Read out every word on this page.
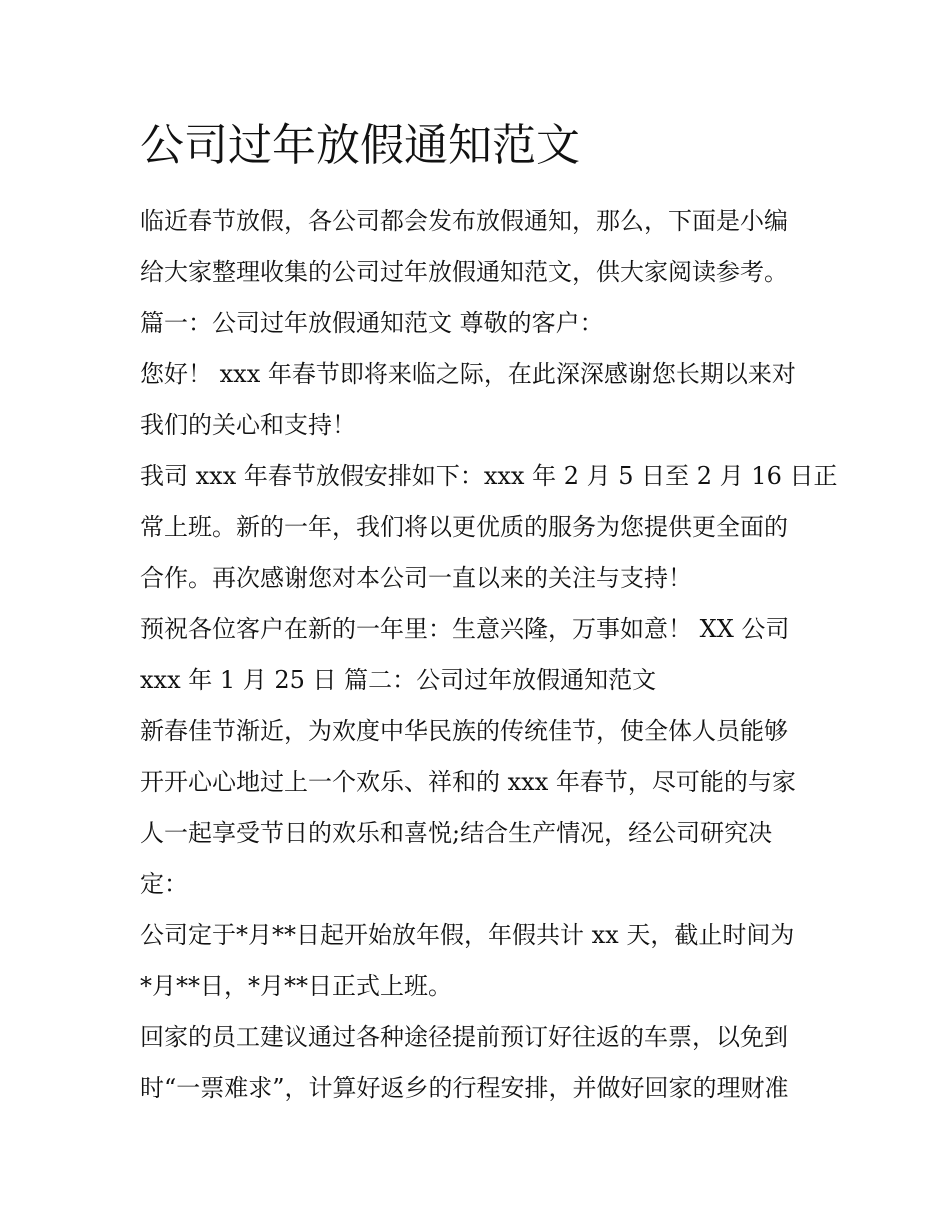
公司过年放假通知范文
临近春节放假，各公司都会发布放假通知，那么，下面是小编
给大家整理收集的公司过年放假通知范文，供大家阅读参考。
篇一：公司过年放假通知范文 尊敬的客户：
您好！ xxx 年春节即将来临之际，在此深深感谢您长期以来对
我们的关心和支持！
我司 xxx 年春节放假安排如下：xxx 年 2 月 5 日至 2 月 16 日正
常上班。新的一年，我们将以更优质的服务为您提供更全面的
合作。再次感谢您对本公司一直以来的关注与支持！
预祝各位客户在新的一年里：生意兴隆，万事如意！ XX 公司
xxx 年 1 月 25 日 篇二：公司过年放假通知范文
新春佳节渐近，为欢度中华民族的传统佳节，使全体人员能够
开开心心地过上一个欢乐、祥和的 xxx 年春节，尽可能的与家
人一起享受节日的欢乐和喜悦;结合生产情况，经公司研究决
定：
公司定于*月**日起开始放年假，年假共计 xx 天，截止时间为
*月**日，*月**日正式上班。
回家的员工建议通过各种途径提前预订好往返的车票，以免到
时“一票难求”，计算好返乡的行程安排，并做好回家的理财准
